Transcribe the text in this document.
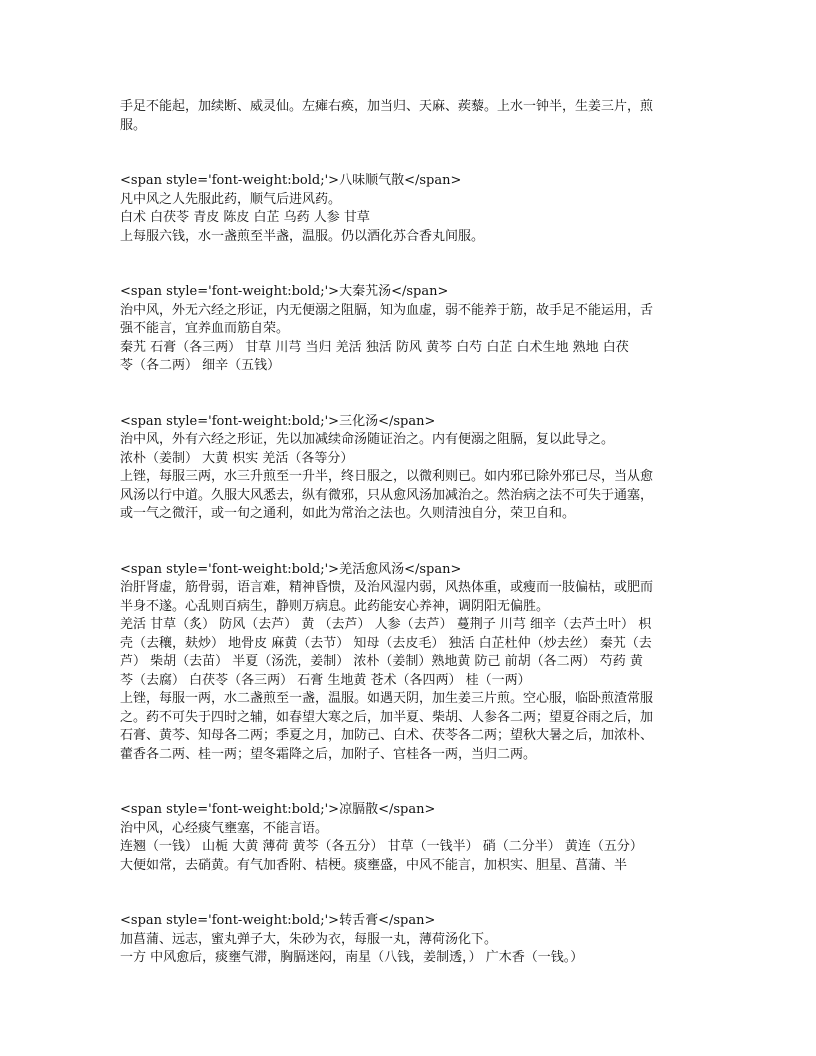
手足不能起，加续断、威灵仙。左瘫右痪，加当归、天麻、蒺藜。上水一钟半，生姜三片，煎

服。

<span style='font-weight:bold;'>八味顺气散</span>

凡中风之人先服此药，顺气后进风药。

白术 白茯苓 青皮 陈皮 白芷 乌药 人参 甘草

上每服六钱，水一盏煎至半盏，温服。仍以酒化苏合香丸间服。

<span style='font-weight:bold;'>大秦艽汤</span>

治中风，外无六经之形证，内无便溺之阻膈，知为血虚，弱不能养于筋，故手足不能运用，舌

强不能言，宜养血而筋自荣。

秦艽 石膏（各三两） 甘草 川芎 当归 羌活 独活 防风 黄芩 白芍 白芷 白术生地 熟地 白茯

苓（各二两） 细辛（五钱）

<span style='font-weight:bold;'>三化汤</span>

治中风，外有六经之形证，先以加减续命汤随证治之。内有便溺之阻膈，复以此导之。

浓朴（姜制） 大黄 枳实 羌活（各等分）

上锉，每服三两，水三升煎至一升半，终日服之，以微利则已。如内邪已除外邪已尽，当从愈

风汤以行中道。久服大风悉去，纵有微邪，只从愈风汤加减治之。然治病之法不可失于通塞，

或一气之微汗，或一旬之通利，如此为常治之法也。久则清浊自分，荣卫自和。

<span style='font-weight:bold;'>羌活愈风汤</span>

治肝肾虚，筋骨弱，语言难，精神昏愦，及治风湿内弱，风热体重，或瘦而一肢偏枯，或肥而

半身不遂。心乱则百病生，静则万病息。此药能安心养神，调阴阳无偏胜。

羌活 甘草（炙） 防风（去芦） 黄 （去芦） 人参（去芦） 蔓荆子 川芎 细辛（去芦土叶） 枳

壳（去穰，麸炒） 地骨皮 麻黄（去节） 知母（去皮毛） 独活 白芷杜仲（炒去丝） 秦艽（去

芦） 柴胡（去苗） 半夏（汤洗，姜制） 浓朴（姜制）熟地黄 防己 前胡（各二两） 芍药 黄

芩（去腐） 白茯苓（各三两） 石膏 生地黄 苍术（各四两） 桂（一两）

上锉，每服一两，水二盏煎至一盏，温服。如遇天阴，加生姜三片煎。空心服，临卧煎渣常服

之。药不可失于四时之辅，如春望大寒之后，加半夏、柴胡、人参各二两；望夏谷雨之后，加

石膏、黄芩、知母各二两；季夏之月，加防己、白术、茯苓各二两；望秋大暑之后，加浓朴、

藿香各二两、桂一两；望冬霜降之后，加附子、官桂各一两，当归二两。

<span style='font-weight:bold;'>凉膈散</span>

治中风，心经痰气壅塞，不能言语。

连翘（一钱） 山栀 大黄 薄荷 黄芩（各五分） 甘草（一钱半） 硝（二分半） 黄连（五分）

大便如常，去硝黄。有气加香附、桔梗。痰壅盛，中风不能言，加枳实、胆星、菖蒲、半

<span style='font-weight:bold;'>转舌膏</span>

加菖蒲、远志，蜜丸弹子大，朱砂为衣，每服一丸，薄荷汤化下。

一方 中风愈后，痰壅气滞，胸膈迷闷，南星（八钱，姜制透，） 广木香（一钱。）
